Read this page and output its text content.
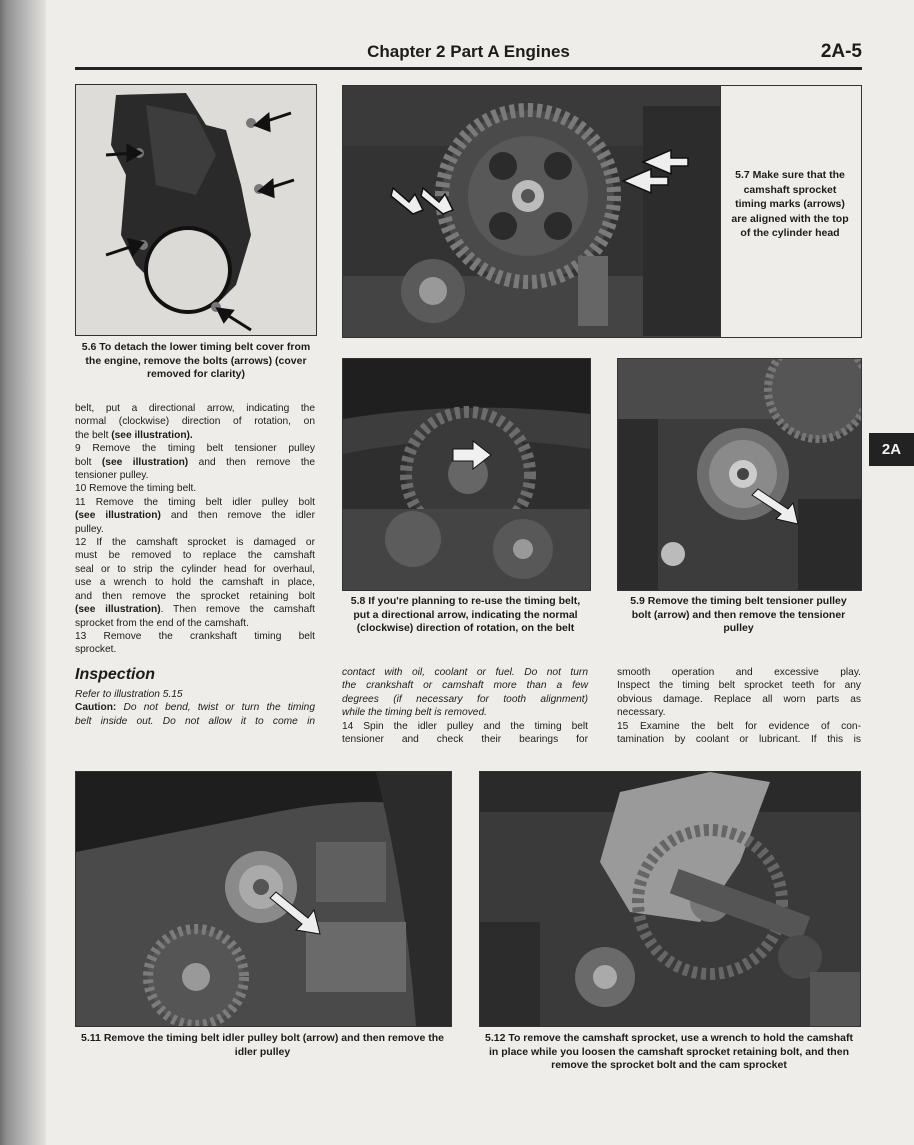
Chapter 2 Part A Engines	2A-5
5.6 To detach the lower timing belt cover from the engine, remove the bolts (arrows) (cover removed for clarity)
5.7 Make sure that the camshaft sprocket timing marks (arrows) are aligned with the top of the cylinder head
5.8 If you're planning to re-use the timing belt, put a directional arrow, indicating the normal (clockwise) direction of rotation, on the belt
5.9 Remove the timing belt tensioner pulley bolt (arrow) and then remove the tensioner pulley
2A

belt, put a directional arrow, indicating the

normal (clockwise) direction of rotation, on

the belt (see illustration).

9 Remove the timing belt tensioner pulley

bolt (see illustration) and then remove the

tensioner pulley.

10 Remove the timing belt.

11 Remove the timing belt idler pulley bolt

(see illustration) and then remove the idler

pulley.

12 If the camshaft sprocket is damaged or

must be removed to replace the camshaft

seal or to strip the cylinder head for overhaul,

use a wrench to hold the camshaft in place,

and then remove the sprocket retaining bolt

(see illustration). Then remove the camshaft

sprocket from the end of the camshaft.

13 Remove the crankshaft timing belt

sprocket.

Inspection

Refer to illustration 5.15

Caution: Do not bend, twist or turn the timing

belt inside out. Do not allow it to come in

contact with oil, coolant or fuel. Do not turn

the crankshaft or camshaft more than a few

degrees (if necessary for tooth alignment)

while the timing belt is removed.

14 Spin the idler pulley and the timing belt

tensioner and check their bearings for

smooth operation and excessive play.

Inspect the timing belt sprocket teeth for any

obvious damage. Replace all worn parts as

necessary.

15 Examine the belt for evidence of con-

tamination by coolant or lubricant. If this is

5.11 Remove the timing belt idler pulley bolt (arrow) and then remove the idler pulley
5.12 To remove the camshaft sprocket, use a wrench to hold the camshaft in place while you loosen the camshaft sprocket retaining bolt, and then remove the sprocket bolt and the cam sprocket
